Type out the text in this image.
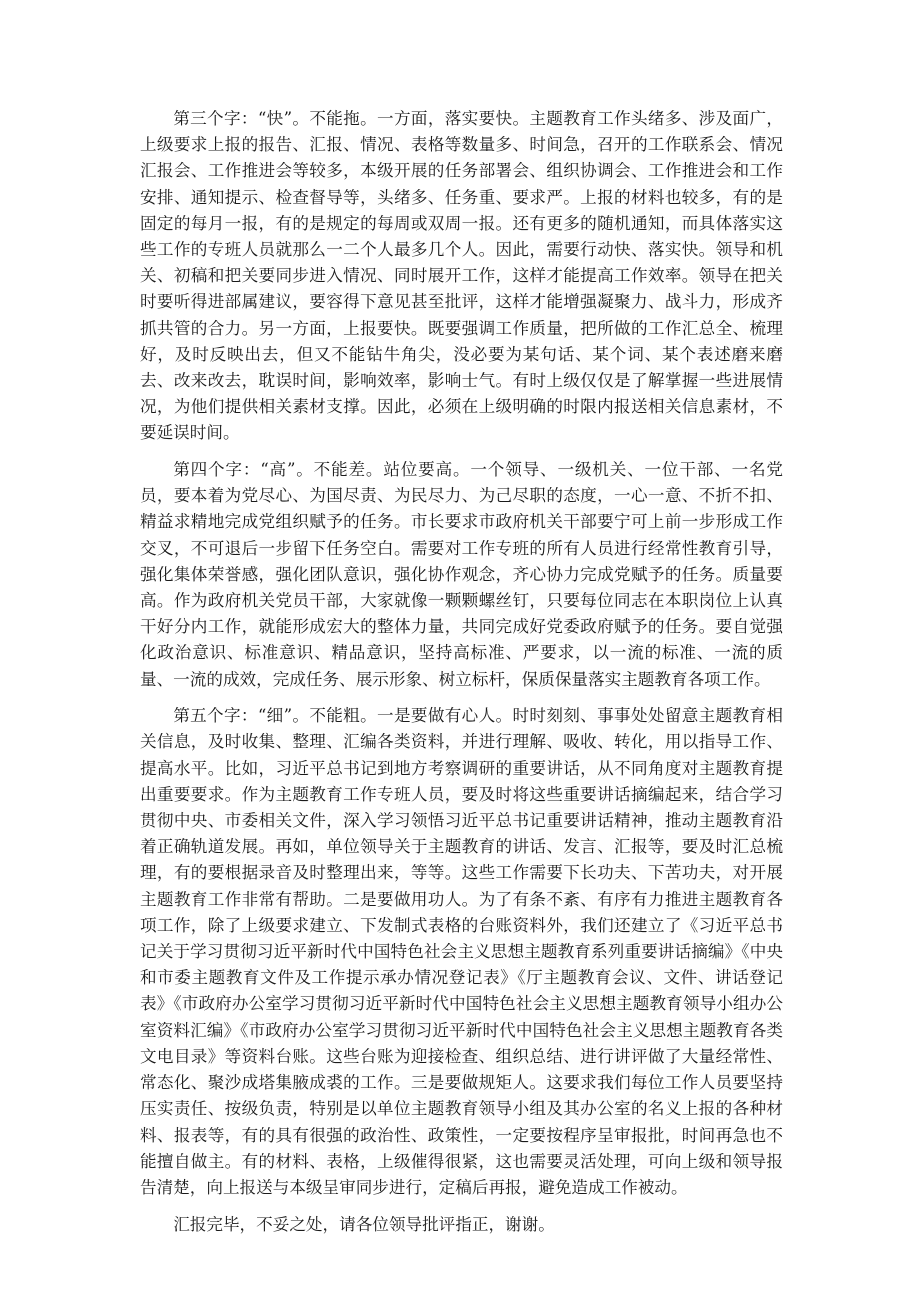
第三个字：“快”。不能拖。一方面，落实要快。主题教育工作头绪多、涉及面广，上级要求上报的报告、汇报、情况、表格等数量多、时间急，召开的工作联系会、情况汇报会、工作推进会等较多，本级开展的任务部署会、组织协调会、工作推进会和工作安排、通知提示、检查督导等，头绪多、任务重、要求严。上报的材料也较多，有的是固定的每月一报，有的是规定的每周或双周一报。还有更多的随机通知，而具体落实这些工作的专班人员就那么一二个人最多几个人。因此，需要行动快、落实快。领导和机关、初稿和把关要同步进入情况、同时展开工作，这样才能提高工作效率。领导在把关时要听得进部属建议，要容得下意见甚至批评，这样才能增强凝聚力、战斗力，形成齐抓共管的合力。另一方面，上报要快。既要强调工作质量，把所做的工作汇总全、梳理好，及时反映出去，但又不能钻牛角尖，没必要为某句话、某个词、某个表述磨来磨去、改来改去，耽误时间，影响效率，影响士气。有时上级仅仅是了解掌握一些进展情况，为他们提供相关素材支撑。因此，必须在上级明确的时限内报送相关信息素材，不要延误时间。

第四个字：“高”。不能差。站位要高。一个领导、一级机关、一位干部、一名党员，要本着为党尽心、为国尽责、为民尽力、为己尽职的态度，一心一意、不折不扣、精益求精地完成党组织赋予的任务。市长要求市政府机关干部要宁可上前一步形成工作交叉，不可退后一步留下任务空白。需要对工作专班的所有人员进行经常性教育引导，强化集体荣誉感，强化团队意识，强化协作观念，齐心协力完成党赋予的任务。质量要高。作为政府机关党员干部，大家就像一颗颗螺丝钉，只要每位同志在本职岗位上认真干好分内工作，就能形成宏大的整体力量，共同完成好党委政府赋予的任务。要自觉强化政治意识、标准意识、精品意识，坚持高标准、严要求，以一流的标准、一流的质量、一流的成效，完成任务、展示形象、树立标杆，保质保量落实主题教育各项工作。

第五个字：“细”。不能粗。一是要做有心人。时时刻刻、事事处处留意主题教育相关信息，及时收集、整理、汇编各类资料，并进行理解、吸收、转化，用以指导工作、提高水平。比如，习近平总书记到地方考察调研的重要讲话，从不同角度对主题教育提出重要要求。作为主题教育工作专班人员，要及时将这些重要讲话摘编起来，结合学习贯彻中央、市委相关文件，深入学习领悟习近平总书记重要讲话精神，推动主题教育沿着正确轨道发展。再如，单位领导关于主题教育的讲话、发言、汇报等，要及时汇总梳理，有的要根据录音及时整理出来，等等。这些工作需要下长功夫、下苦功夫，对开展主题教育工作非常有帮助。二是要做用功人。为了有条不紊、有序有力推进主题教育各项工作，除了上级要求建立、下发制式表格的台账资料外，我们还建立了《习近平总书记关于学习贯彻习近平新时代中国特色社会主义思想主题教育系列重要讲话摘编》《中央和市委主题教育文件及工作提示承办情况登记表》《厅主题教育会议、文件、讲话登记表》《市政府办公室学习贯彻习近平新时代中国特色社会主义思想主题教育领导小组办公室资料汇编》《市政府办公室学习贯彻习近平新时代中国特色社会主义思想主题教育各类文电目录》等资料台账。这些台账为迎接检查、组织总结、进行讲评做了大量经常性、常态化、聚沙成塔集腋成裘的工作。三是要做规矩人。这要求我们每位工作人员要坚持压实责任、按级负责，特别是以单位主题教育领导小组及其办公室的名义上报的各种材料、报表等，有的具有很强的政治性、政策性，一定要按程序呈审报批，时间再急也不能擅自做主。有的材料、表格，上级催得很紧，这也需要灵活处理，可向上级和领导报告清楚，向上报送与本级呈审同步进行，定稿后再报，避免造成工作被动。

汇报完毕，不妥之处，请各位领导批评指正，谢谢。
